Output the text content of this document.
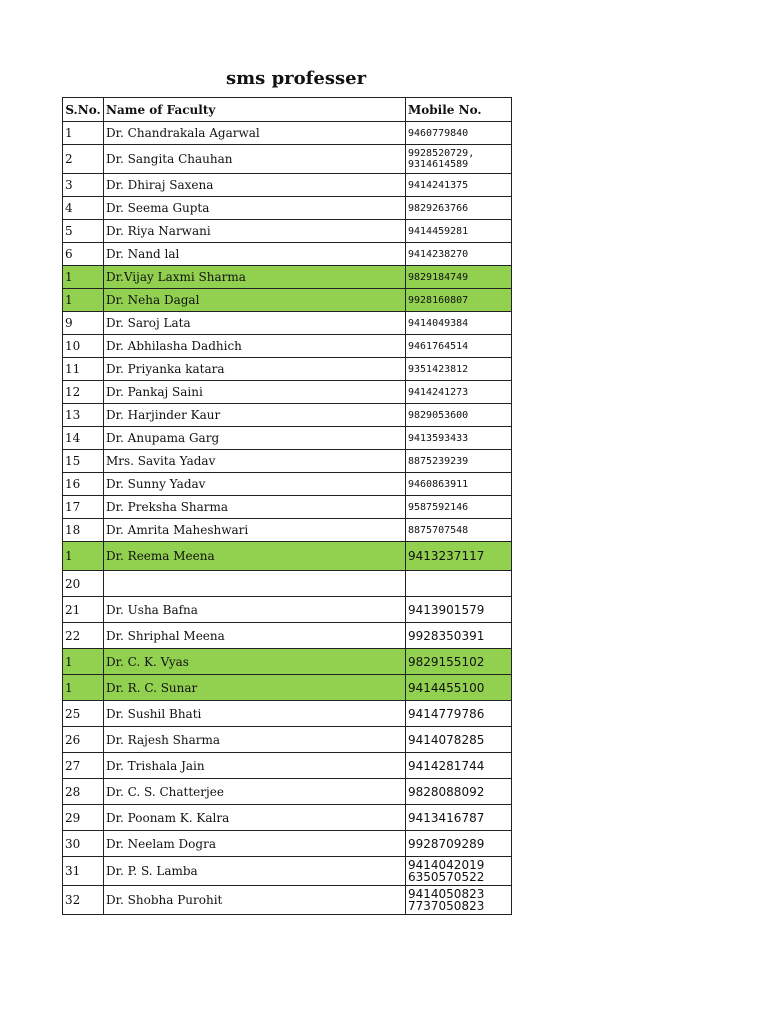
sms professer
S.No.	Name of Faculty	Mobile No.
1	Dr. Chandrakala Agarwal	9460779840
2	Dr. Sangita Chauhan	9928520729,
9314614589
3	Dr. Dhiraj Saxena	9414241375
4	Dr. Seema Gupta	9829263766
5	Dr. Riya Narwani	9414459281
6	Dr. Nand lal	9414238270
1	Dr.Vijay Laxmi Sharma	9829184749
1	Dr. Neha Dagal	9928160807
9	Dr. Saroj Lata	9414049384
10	Dr. Abhilasha Dadhich	9461764514
11	Dr. Priyanka katara	9351423812
12	Dr. Pankaj Saini	9414241273
13	Dr. Harjinder Kaur	9829053600
14	Dr. Anupama Garg	9413593433
15	Mrs. Savita Yadav	8875239239
16	Dr. Sunny Yadav	9460863911
17	Dr. Preksha Sharma	9587592146
18	Dr. Amrita Maheshwari	8875707548
1	Dr. Reema Meena	9413237117
20		
21	Dr. Usha Bafna	9413901579
22	Dr. Shriphal Meena	9928350391
1	Dr. C. K. Vyas	9829155102
1	Dr. R. C. Sunar	9414455100
25	Dr. Sushil Bhati	9414779786
26	Dr. Rajesh Sharma	9414078285
27	Dr. Trishala Jain	9414281744
28	Dr. C. S. Chatterjee	9828088092
29	Dr. Poonam K. Kalra	9413416787
30	Dr. Neelam Dogra	9928709289
31	Dr. P. S. Lamba	9414042019
6350570522
32	Dr. Shobha Purohit	9414050823
7737050823
